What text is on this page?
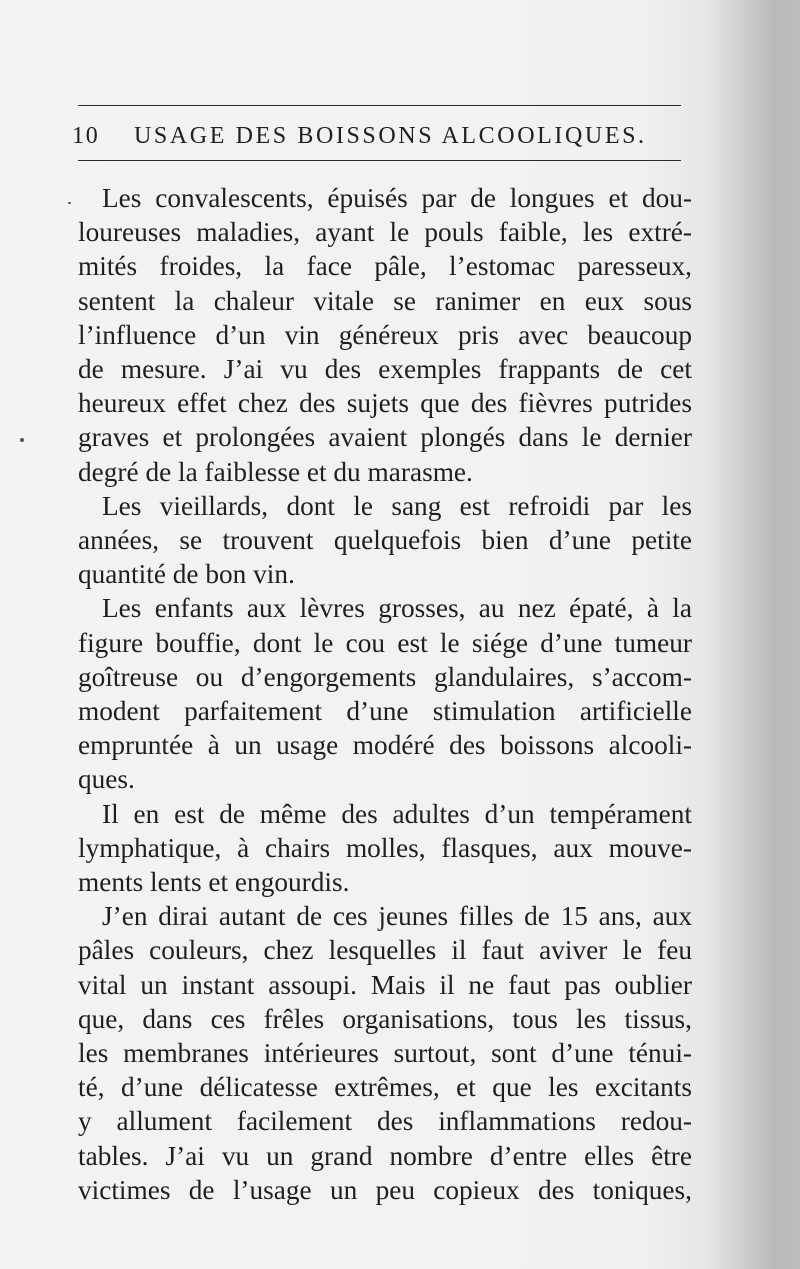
10 USAGE DES BOISSONS ALCOOLIQUES.
Les convalescents, épuisés par de longues et dou-
loureuses maladies, ayant le pouls faible, les extré-
mités froides, la face pâle, l’estomac paresseux,
sentent la chaleur vitale se ranimer en eux sous
l’influence d’un vin généreux pris avec beaucoup
de mesure. J’ai vu des exemples frappants de cet
heureux effet chez des sujets que des fièvres putrides
graves et prolongées avaient plongés dans le dernier
degré de la faiblesse et du marasme.
Les vieillards, dont le sang est refroidi par les
années, se trouvent quelquefois bien d’une petite
quantité de bon vin.
Les enfants aux lèvres grosses, au nez épaté, à la
figure bouffie, dont le cou est le siége d’une tumeur
goîtreuse ou d’engorgements glandulaires, s’accom-
modent parfaitement d’une stimulation artificielle
empruntée à un usage modéré des boissons alcooli-
ques.
Il en est de même des adultes d’un tempérament
lymphatique, à chairs molles, flasques, aux mouve-
ments lents et engourdis.
J’en dirai autant de ces jeunes filles de 15 ans, aux
pâles couleurs, chez lesquelles il faut aviver le feu
vital un instant assoupi. Mais il ne faut pas oublier
que, dans ces frêles organisations, tous les tissus,
les membranes intérieures surtout, sont d’une ténui-
té, d’une délicatesse extrêmes, et que les excitants
y allument facilement des inflammations redou-
tables. J’ai vu un grand nombre d’entre elles être
victimes de l’usage un peu copieux des toniques,
